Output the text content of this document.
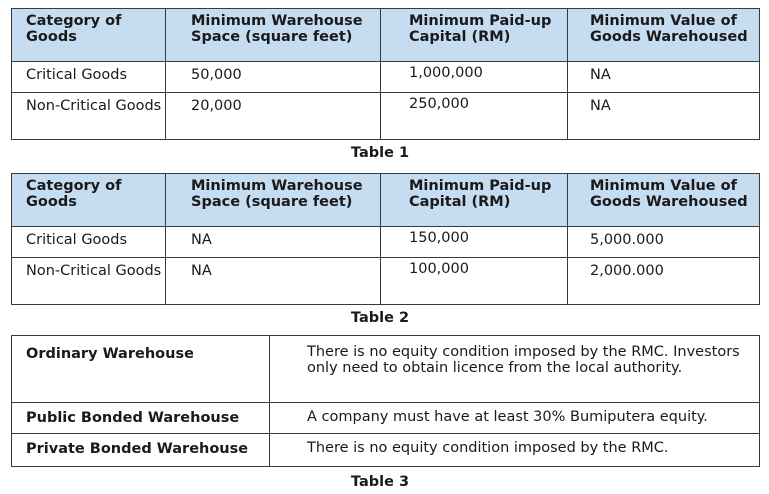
Category of Goods	Minimum Warehouse Space (square feet)	Minimum Paid-up Capital (RM)	Minimum Value of Goods Warehoused
Critical Goods	50,000	1,000,000	NA
Non-Critical Goods	20,000	250,000	NA
Table 1
Category of Goods	Minimum Warehouse Space (square feet)	Minimum Paid-up Capital (RM)	Minimum Value of Goods Warehoused
Critical Goods	NA	150,000	5,000.000
Non-Critical Goods	NA	100,000	2,000.000
Table 2
Ordinary Warehouse	There is no equity condition imposed by the RMC. Investors only need to obtain licence from the local authority.
Public Bonded Warehouse	A company must have at least 30% Bumiputera equity.
Private Bonded Warehouse	There is no equity condition imposed by the RMC.
Table 3
